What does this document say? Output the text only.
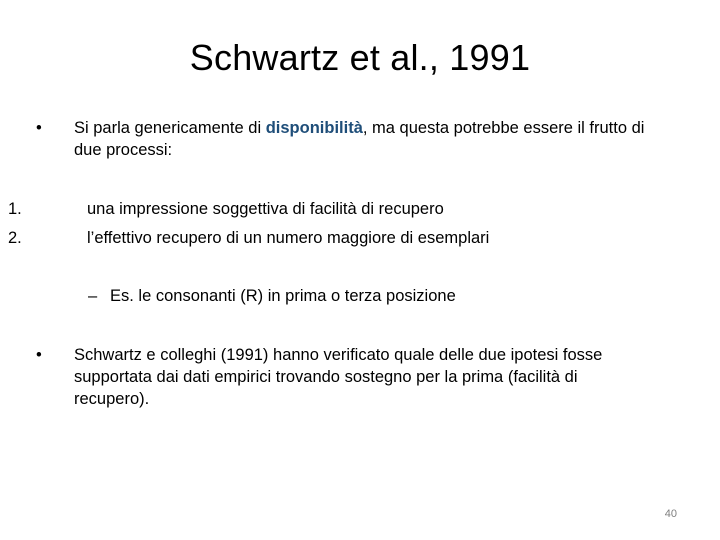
Schwartz et al., 1991
• Si parla genericamente di disponibilità, ma questa potrebbe essere il frutto di due processi:
1.	una impressione soggettiva di facilità di recupero
2.	l’effettivo recupero di un numero maggiore di esemplari
– Es. le consonanti (R) in prima o terza posizione
• Schwartz e colleghi (1991) hanno verificato quale delle due ipotesi fosse supportata dai dati empirici trovando sostegno per la prima (facilità di recupero).
40
